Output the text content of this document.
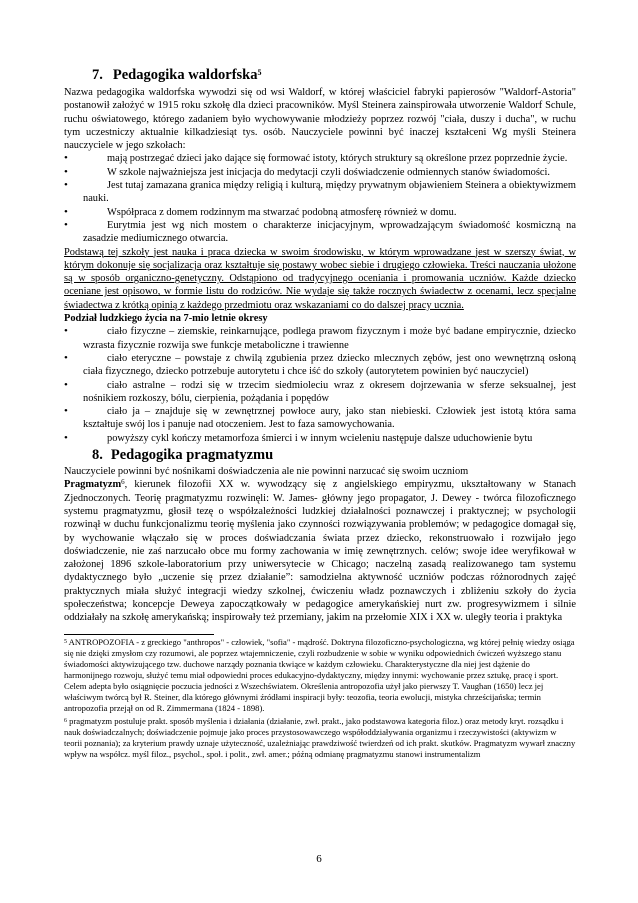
7. Pedagogika waldorfska$^5$

Nazwa pedagogika waldorfska wywodzi się od wsi Waldorf, w której właściciel fabryki papierosów "Waldorf-Astoria" postanowił założyć w 1915 roku szkołę dla dzieci pracowników. Myśl Steinera zainspirowała utworzenie Waldorf Schule, ruchu oświatowego, którego zadaniem było wychowywanie młodzieży poprzez rozwój "ciała, duszy i ducha", w ruchu tym uczestniczy aktualnie kilkadziesiąt tys. osób. Nauczyciele powinni być inaczej kształceni Wg myśli Steinera nauczyciele w jego szkołach:

• mają postrzegać dzieci jako dające się formować istoty, których struktury są określone przez poprzednie życie.
• W szkole najważniejsza jest inicjacja do medytacji czyli doświadczenie odmiennych stanów świadomości.
• Jest tutaj zamazana granica między religią i kulturą, między prywatnym objawieniem Steinera a obiektywizmem nauki.
• Współpraca z domem rodzinnym ma stwarzać podobną atmosferę również w domu.
• Eurytmia jest wg nich mostem o charakterze inicjacyjnym, wprowadzającym świadomość kosmiczną na zasadzie mediumicznego otwarcia.

Podstawą tej szkoły jest nauka i praca dziecka w swoim środowisku, w którym wprowadzane jest w szerszy świat, w którym dokonuje się socjalizacja oraz kształtuje się postawy wobec siebie i drugiego człowieka. Treści nauczania ułożone są w sposób organiczno-genetyczny. Odstąpiono od tradycyjnego oceniania i promowania uczniów. Każde dziecko oceniane jest opisowo, w formie listu do rodziców. Nie wydaje się także rocznych świadectw z ocenami, lecz specjalne świadectwa z krótką opinią z każdego przedmiotu oraz wskazaniami co do dalszej pracy ucznia.

Podział ludzkiego życia na 7-mio letnie okresy

• ciało fizyczne – ziemskie, reinkarnujące, podlega prawom fizycznym i może być badane empirycznie, dziecko wzrasta fizycznie rozwija swe funkcje metaboliczne i trawienne
• ciało eteryczne – powstaje z chwilą zgubienia przez dziecko mlecznych zębów, jest ono wewnętrzną osłoną ciała fizycznego, dziecko potrzebuje autorytetu i chce iść do szkoły (autorytetem powinien być nauczyciel)
• ciało astralne – rodzi się w trzecim siedmioleciu wraz z okresem dojrzewania w sferze seksualnej, jest nośnikiem rozkoszy, bólu, cierpienia, pożądania i popędów
• ciało ja – znajduje się w zewnętrznej powłoce aury, jako stan niebieski. Człowiek jest istotą która sama kształtuje swój los i panuje nad otoczeniem. Jest to faza samowychowania.
• powyższy cykl kończy metamorfoza śmierci i w innym wcieleniu następuje dalsze uduchowienie bytu
8. Pedagogika pragmatyzmu

Nauczyciele powinni być nośnikami doświadczenia ale nie powinni narzucać się swoim uczniom

Pragmatyzm$^6$, kierunek filozofii XX w. wywodzący się z angielskiego empiryzmu, ukształtowany w Stanach Zjednoczonych. Teorię pragmatyzmu rozwinęli: W. James- główny jego propagator, J. Dewey - twórca filozoficznego systemu pragmatyzmu, głosił tezę o współzależności ludzkiej działalności poznawczej i praktycznej; w psychologii rozwinął w duchu funkcjonalizmu teorię myślenia jako czynności rozwiązywania problemów; w pedagogice domagał się, by wychowanie włączało się w proces doświadczania świata przez dziecko, rekonstruowało i rozwijało jego doświadczenie, nie zaś narzucało obce mu formy zachowania w imię zewnętrznych. celów; swoje idee weryfikował w założonej 1896 szkole-laboratorium przy uniwersytecie w Chicago; naczelną zasadą realizowanego tam systemu dydaktycznego było „uczenie się przez działanie”: samodzielna aktywność uczniów podczas różnorodnych zajęć praktycznych miała służyć integracji wiedzy szkolnej, ćwiczeniu władz poznawczych i zbliżeniu szkoły do życia społeczeństwa; koncepcje Deweya zapoczątkowały w pedagogice amerykańskiej nurt zw. progresywizmem i silnie oddziałały na szkołę amerykańską; inspirowały też przemiany, jakim na przełomie XIX i XX w. uległy teoria i praktyka

$^5$ ANTROPOZOFIA - z greckiego "anthropos" - człowiek, "sofia" - mądrość. Doktryna filozoficzno-psychologiczna, wg której pełnię wiedzy osiąga się nie dzięki zmysłom czy rozumowi, ale poprzez wtajemniczenie, czyli rozbudzenie w sobie w wyniku odpowiednich ćwiczeń wyższego stanu świadomości aktywizującego tzw. duchowe narządy poznania tkwiące w każdym człowieku. Charakterystyczne dla niej jest dążenie do harmonijnego rozwoju, służyć temu miał odpowiedni proces edukacyjno-dydaktyczny, między innymi: wychowanie przez sztukę, pracę i sport. Celem adepta było osiągnięcie poczucia jedności z Wszechświatem. Określenia antropozofia użył jako pierwszy T. Vaughan (1650) lecz jej właściwym twórcą był R. Steiner, dla którego głównymi źródłami inspiracji były: teozofia, teoria ewolucji, mistyka chrześcijańska; termin antropozofia przejął on od R. Zimmermana (1824 - 1898).

$^6$ pragmatyzm postuluje prakt. sposób myślenia i działania (działanie, zwł. prakt., jako podstawowa kategoria filoz.) oraz metody kryt. rozsądku i nauk doświadczalnych; doświadczenie pojmuje jako proces przystosowawczego współoddziaływania organizmu i rzeczywistości (aktywizm w teorii poznania); za kryterium prawdy uznaje użyteczność, uzależniając prawdziwość twierdzeń od ich prakt. skutków. Pragmatyzm wywarł znaczny wpływ na współcz. myśl filoz., psychol., społ. i polit., zwł. amer.; późną odmianę pragmatyzmu stanowi instrumentalizm

6
